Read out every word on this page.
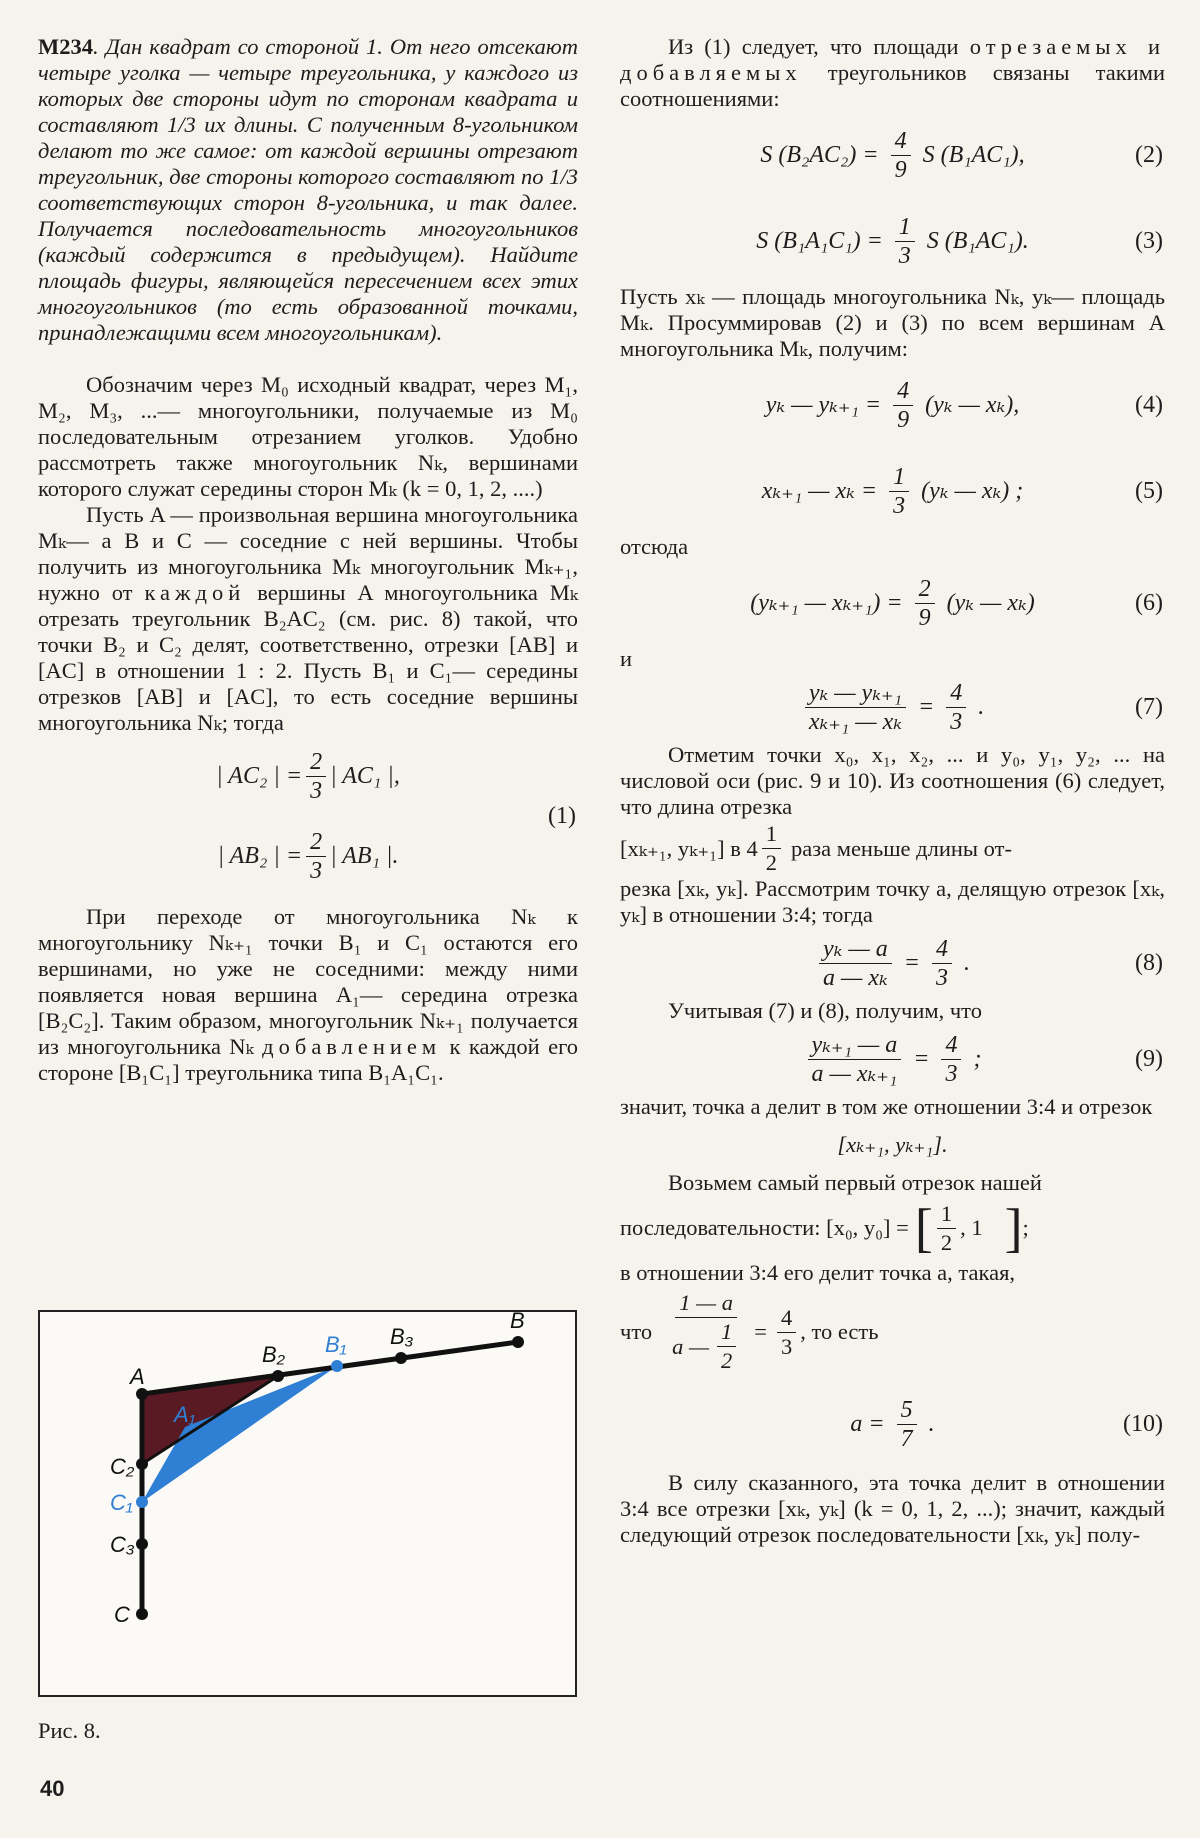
М234. Дан квадрат со стороной 1. От него отсекают четыре уголка — четыре треугольника, у каждого из которых две стороны идут по сторонам квадрата и составляют 1/3 их длины. С полученным 8-угольником делают то же самое: от каждой вершины отрезают треугольник, две стороны которого составляют по 1/3 соответствующих сторон 8-угольника, и так далее. Получается последовательность многоугольников (каждый содержится в предыдущем). Найдите площадь фигуры, являющейся пересечением всех этих многоугольников (то есть образованной точками, принадлежащими всем многоугольникам).

Обозначим через M₀ исходный квадрат, через M₁, M₂, M₃, ...— многоугольники, получаемые из M₀ последовательным отрезанием уголков. Удобно рассмотреть также многоугольник Nₖ, вершинами которого служат середины сторон Mₖ (k = 0, 1, 2, ....)

Пусть A — произвольная вершина многоугольника Mₖ— а B и C — соседние с ней вершины. Чтобы получить из многоугольника Mₖ многоугольник Mₖ₊₁, нужно от каждой вершины A многоугольника Mₖ отрезать треугольник B₂AC₂ (см. рис. 8) такой, что точки B₂ и C₂ делят, соответственно, отрезки [AB] и [AC] в отношении 1 : 2. Пусть B₁ и C₁— середины отрезков [AB] и [AC], то есть соседние вершины многоугольника Nₖ; тогда

| AC₂ | = $\frac{2}{3}$ | AC₁ |,
| AB₂ | = $\frac{2}{3}$ | AB₁ |.
(1)

При переходе от многоугольника Nₖ к многоугольнику Nₖ₊₁ точки B₁ и C₁ остаются его вершинами, но уже не соседними: между ними появляется новая вершина A₁— середина отрезка [B₂C₂]. Таким образом, многоугольник Nₖ₊₁ получается из многоугольника Nₖ добавлением к каждой его стороне [B₁C₁] треугольника типа B₁A₁C₁.

A
B₂ B₁ B₃
B
A₁
C₂
C₁
C₃
C
Рис. 8.
40

Из (1) следует, что площади отрезаемых и добавляемых треугольников связаны такими соотношениями:

S $(B_2AC_2) = \frac{4}{9}$ S (B₁AC₁),	(2)
S $(B_1A_1C_1) = \frac{1}{3}$ S (B₁AC₁).	(3)

Пусть xₖ — площадь многоугольника Nₖ, yₖ— площадь Mₖ. Просуммировав (2) и (3) по всем вершинам A многоугольника Mₖ, получим:

yₖ — $y_{k+1} = \frac{4}{9} (y_k$ — xₖ),	(4)
xₖ₊₁ — $x_k = \frac{1}{3} (y_k$ — xₖ) ;	(5)

отсюда

(yₖ₊₁ — $x_{k+1}) = \frac{2}{9} (y_k$ — xₖ)	(6)

и

$\frac{\text{yₖ — yₖ₊₁}}{\text{xₖ₊₁ — xₖ}} = \frac{4}{3}$ .	(7)

Отметим точки x₀, x₁, x₂, ... и y₀, y₁, y₂, ... на числовой оси (рис. 9 и 10). Из соотношения (6) следует, что длина отрезка

[xₖ₊₁, yₖ₊₁] в $4 \frac{1}{2}$ раза меньше длины от-

резка [xₖ, yₖ]. Рассмотрим точку a, делящую отрезок [xₖ, yₖ] в отношении 3:4; тогда

$\frac{\text{yₖ — a}}{\text{a — xₖ}} = \frac{4}{3}$ .	(8)

Учитывая (7) и (8), получим, что

$\frac{\text{yₖ₊₁ — a}}{\text{a — xₖ₊₁}} = \frac{4}{3}$ ;	(9)

значит, точка a делит в том же отношении 3:4 и отрезок

[xₖ₊₁, yₖ₊₁].

Возьмем самый первый отрезок нашей

последовательности: [x₀, y₀] = [ $\frac{1}{2}$ , 1 ] ;

в отношении 3:4 его делит точка a, такая,

что $\frac{1 — a}{a — \frac{1}{2}} = \frac{4}{3}$ , то есть
$a = \frac{5}{7}$ .	(10)

В силу сказанного, эта точка делит в отношении 3:4 все отрезки [xₖ, yₖ] (k = 0, 1, 2, ...); значит, каждый следующий отрезок последовательности [xₖ, yₖ] полу-
